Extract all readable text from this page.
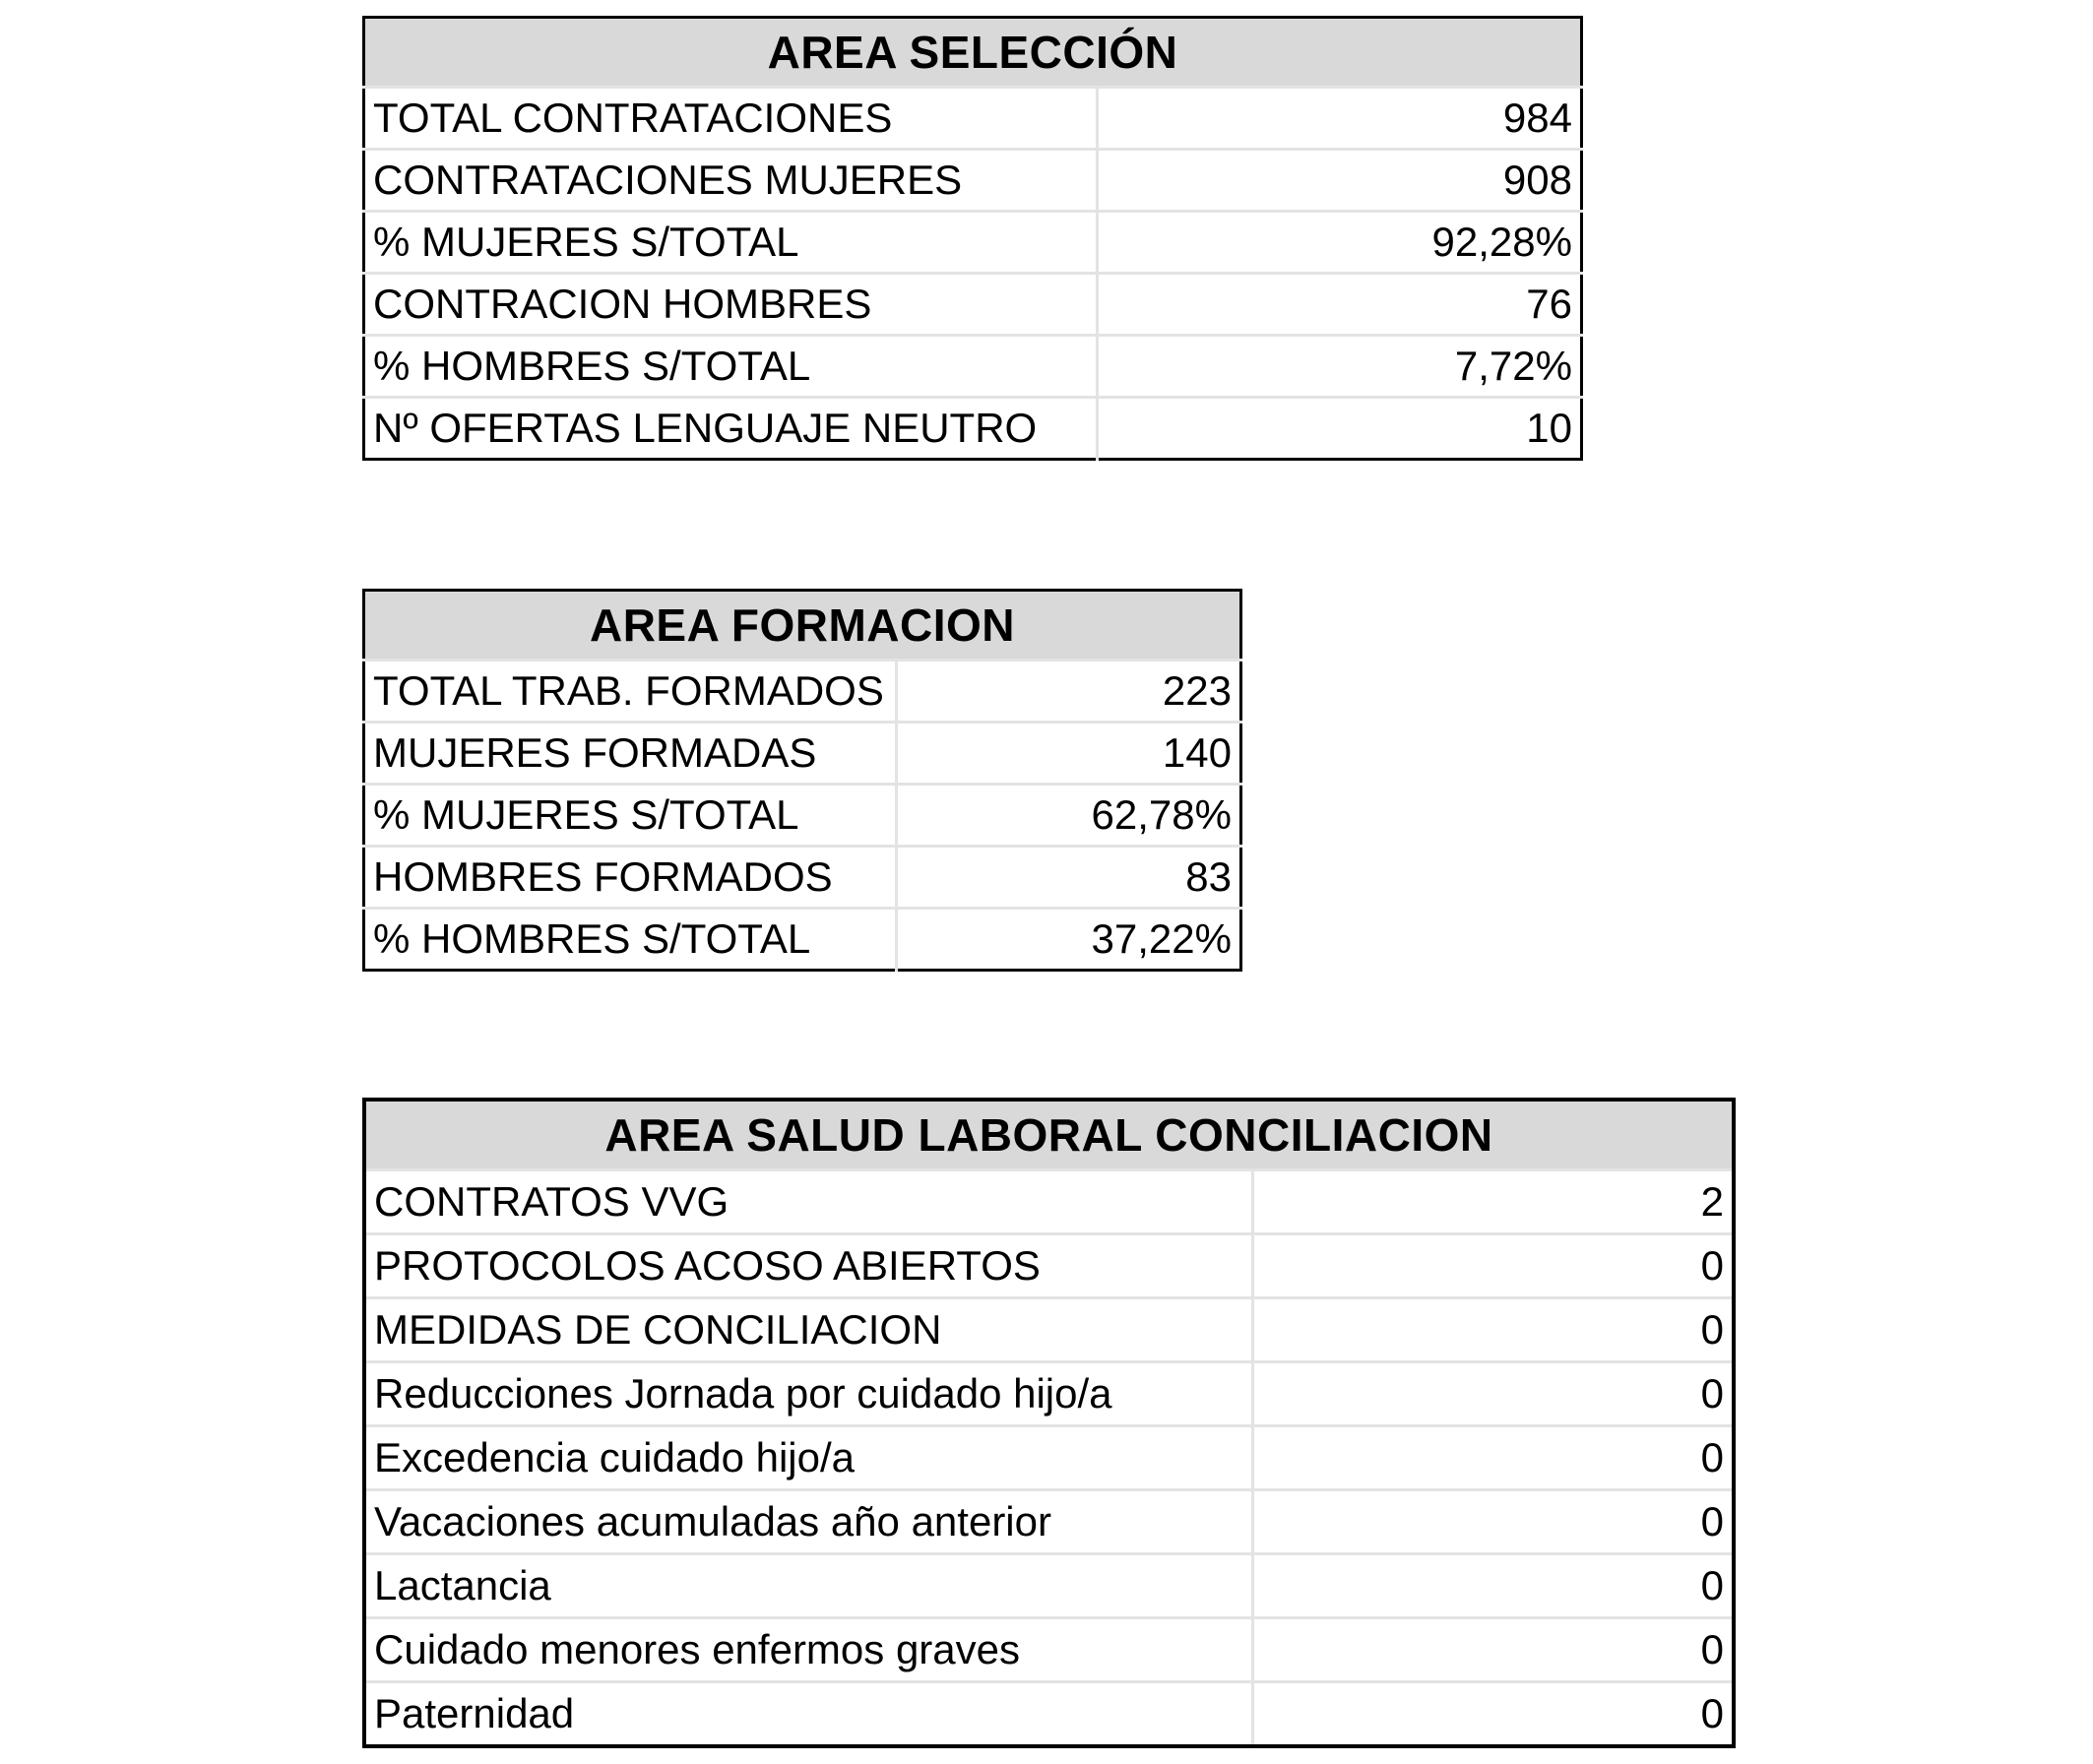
AREA SELECCIÓN	
TOTAL CONTRATACIONES	984
CONTRATACIONES MUJERES	908
% MUJERES S/TOTAL	92,28%
CONTRACION HOMBRES	76
% HOMBRES S/TOTAL	7,72%
Nº OFERTAS LENGUAJE NEUTRO	10
AREA FORMACION	
TOTAL TRAB. FORMADOS	223
MUJERES FORMADAS	140
% MUJERES S/TOTAL	62,78%
HOMBRES FORMADOS	83
% HOMBRES S/TOTAL	37,22%
AREA SALUD LABORAL CONCILIACION	
CONTRATOS VVG	2
PROTOCOLOS ACOSO ABIERTOS	0
MEDIDAS DE CONCILIACION	0
Reducciones Jornada por cuidado hijo/a	0
Excedencia cuidado hijo/a	0
Vacaciones acumuladas año anterior	0
Lactancia	0
Cuidado menores enfermos graves	0
Paternidad	0
